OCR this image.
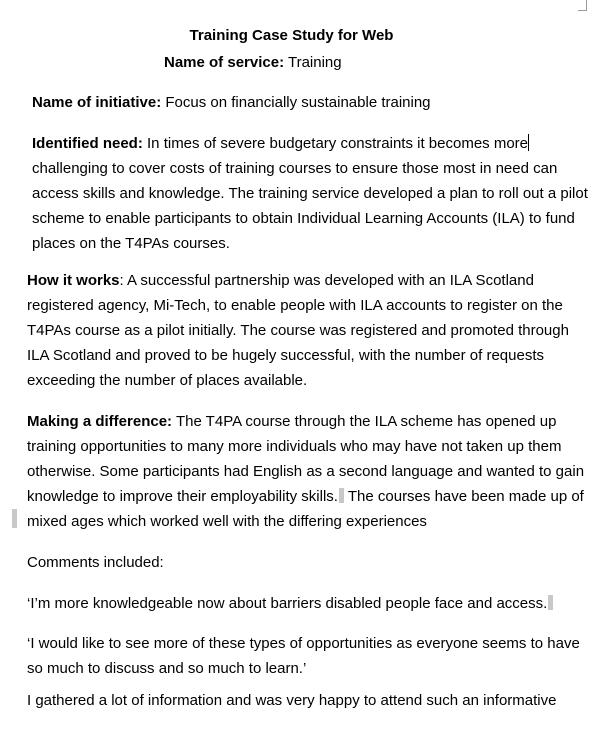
Training Case Study for Web
Name of service: Training
Name of initiative: Focus on financially sustainable training
Identified need: In times of severe budgetary constraints it becomes more
challenging to cover costs of training courses to ensure those most in need can
access skills and knowledge. The training service developed a plan to roll out a pilot
scheme to enable participants to obtain Individual Learning Accounts (ILA) to fund
places on the T4PAs courses.
How it works: A successful partnership was developed with an ILA Scotland
registered agency, Mi-Tech, to enable people with ILA accounts to register on the
T4PAs course as a pilot initially. The course was registered and promoted through
ILA Scotland and proved to be hugely successful, with the number of requests
exceeding the number of places available.
Making a difference: The T4PA course through the ILA scheme has opened up
training opportunities to many more individuals who may have not taken up them
otherwise. Some participants had English as a second language and wanted to gain
knowledge to improve their employability skills. The courses have been made up of
mixed ages which worked well with the differing experiences
Comments included:
‘I’m more knowledgeable now about barriers disabled people face and access.
‘I would like to see more of these types of opportunities as everyone seems to have
so much to discuss and so much to learn.’
I gathered a lot of information and was very happy to attend such an informative
